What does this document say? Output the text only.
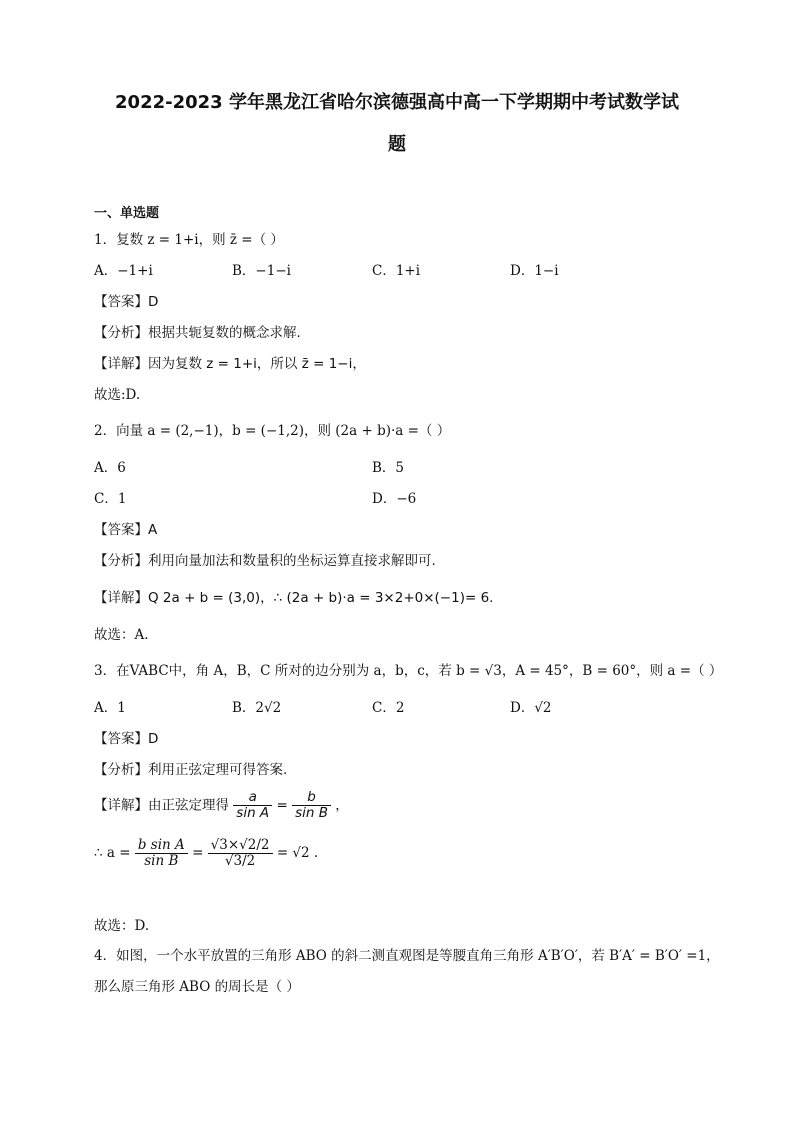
2022-2023 学年黑龙江省哈尔滨德强高中高一下学期期中考试数学试
题
一、单选题
1．复数 z = 1+i，则 z̄ =（ ）
A．−1+i	B．−1−i	C．1+i	D．1−i
【答案】D
【分析】根据共轭复数的概念求解.
【详解】因为复数 z = 1+i，所以 z̄ = 1−i，
故选:D.
2．向量 a = (2,−1)，b = (−1,2)，则 (2a + b)·a =（ ）
A．6	B．5
C．1	D．−6
【答案】A
【分析】利用向量加法和数量积的坐标运算直接求解即可.
【详解】Q 2a + b = (3,0)，∴ (2a + b)·a = 3×2+0×(−1)= 6.
故选：A.
3．在VABC中，角 A，B，C 所对的边分别为 a，b，c，若 b = √3，A = 45°，B = 60°，则 a =（ ）
A．1	B．2√2	C．2	D．√2
【答案】D
【分析】利用正弦定理可得答案.
【详解】由正弦定理得 $\frac{a}{\text{sin A}} = \frac{b}{\text{sin B}}$ ，
∴ $a = \frac{\text{b sin A}}{\text{sin B}} = \frac{√3\times√2/2}{√3/2} = √2$ .
故选：D.
4．如图，一个水平放置的三角形 ABO 的斜二测直观图是等腰直角三角形 A′B′O′，若 B′A′ = B′O′ =1，
那么原三角形 ABO 的周长是（ ）
